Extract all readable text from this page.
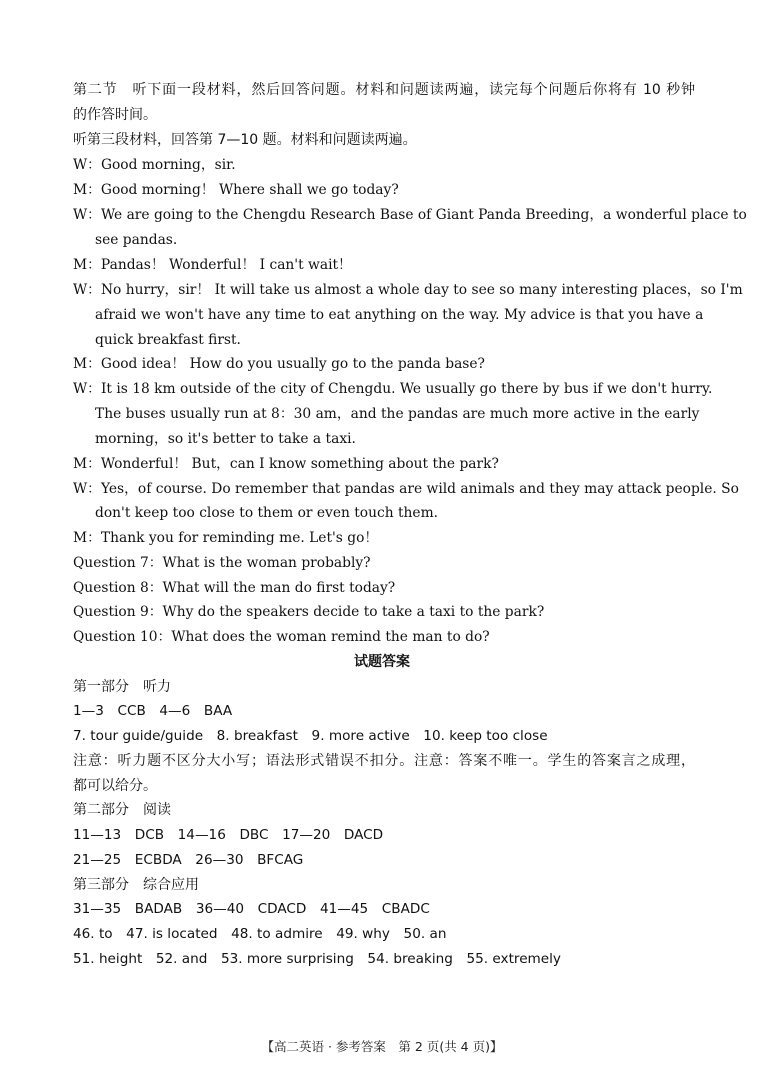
第二节　听下面一段材料，然后回答问题。材料和问题读两遍，读完每个问题后你将有 10 秒钟
的作答时间。
听第三段材料，回答第 7—10 题。材料和问题读两遍。
W：Good morning，sir.
M：Good morning！ Where shall we go today?
W：We are going to the Chengdu Research Base of Giant Panda Breeding，a wonderful place to
see pandas.
M：Pandas！ Wonderful！ I can't wait！
W：No hurry，sir！ It will take us almost a whole day to see so many interesting places，so I'm
afraid we won't have any time to eat anything on the way. My advice is that you have a
quick breakfast first.
M：Good idea！ How do you usually go to the panda base?
W：It is 18 km outside of the city of Chengdu. We usually go there by bus if we don't hurry.
The buses usually run at 8：30 am，and the pandas are much more active in the early
morning，so it's better to take a taxi.
M：Wonderful！ But，can I know something about the park?
W：Yes，of course. Do remember that pandas are wild animals and they may attack people. So
don't keep too close to them or even touch them.
M：Thank you for reminding me. Let's go！
Question 7：What is the woman probably?
Question 8：What will the man do first today?
Question 9：Why do the speakers decide to take a taxi to the park?
Question 10：What does the woman remind the man to do?
试题答案
第一部分　听力
1—3　CCB　4—6　BAA
7. tour guide/guide　8. breakfast　9. more active　10. keep too close
注意：听力题不区分大小写；语法形式错误不扣分。注意：答案不唯一。学生的答案言之成理，
都可以给分。
第二部分　阅读
11—13　DCB　14—16　DBC　17—20　DACD
21—25　ECBDA　26—30　BFCAG
第三部分　综合应用
31—35　BADAB　36—40　CDACD　41—45　CBADC
46. to　47. is located　48. to admire　49. why　50. an
51. height　52. and　53. more surprising　54. breaking　55. extremely
【高二英语 · 参考答案　第 2 页(共 4 页)】
